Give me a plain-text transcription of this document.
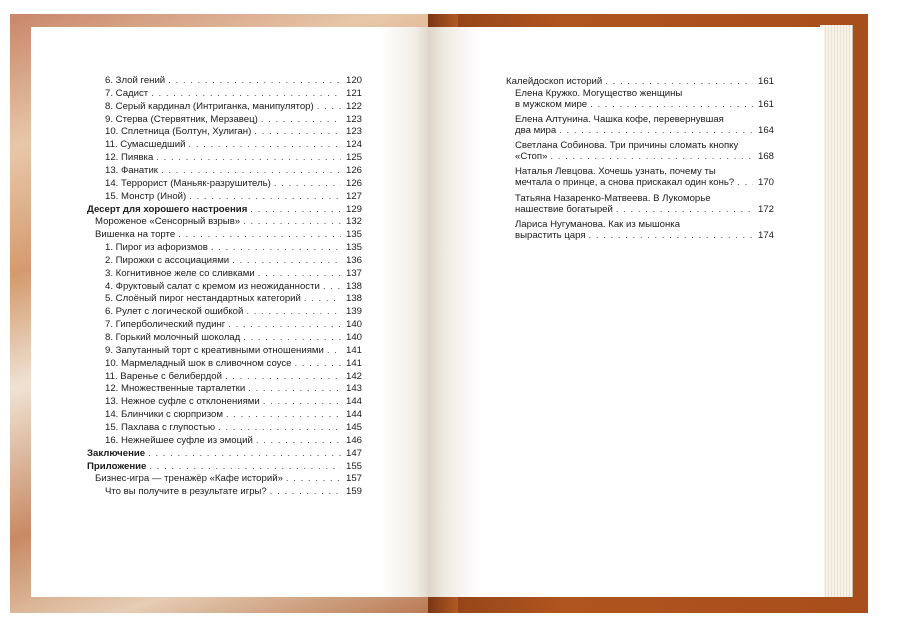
6. Злой гений . . .	120
7. Садист . . .	121
8. Серый кардинал (Интриганка, манипулятор) . . .	122
9. Стерва (Стервятник, Мерзавец) . . .	123
10. Сплетница (Болтун, Хулиган) . . .	123
11. Сумасшедший . . .	124
12. Пиявка . . .	125
13. Фанатик . . .	126
14. Террорист (Маньяк-разрушитель) . . .	126
15. Монстр (Иной) . . .	127
Десерт для хорошего настроения . . .	129
Мороженое «Сенсорный взрыв» . . .	132
Вишенка на торте . . .	135
1. Пирог из афоризмов . . .	135
2. Пирожки с ассоциациями . . .	136
3. Когнитивное желе со сливками . . .	137
4. Фруктовый салат с кремом из неожиданности . . .	138
5. Слоёный пирог нестандартных категорий . . .	138
6. Рулет с логической ошибкой . . .	139
7. Гиперболический пудинг . . .	140
8. Горький молочный шоколад . . .	140
9. Запутанный торт с креативными отношениями . . . 141
10. Мармеладный шок в сливочном соусе . . .	141
11. Варенье с белибердой . . .	142
12. Множественные тарталетки . . .	143
13. Нежное суфле с отклонениями . . .	144
14. Блинчики с сюрпризом . . .	144
15. Пахлава с глупостью . . .	145
16. Нежнейшее суфле из эмоций . . .	146
Заключение . . .	147
Приложение . . .	155
Бизнес-игра — тренажёр «Кафе историй» . . .	157
Что вы получите в результате игры? . . .	159
Калейдоскоп историй . . .	161
Елена Кружко. Могущество женщины
в мужском мире . . .	161
Елена Алтунина. Чашка кофе, перевернувшая
два мира . . .	164
Светлана Собинова. Три причины сломать кнопку
«Стоп» . . .	168
Наталья Левцова. Хочешь узнать, почему ты
мечтала о принце, а снова прискакал один конь? . . . 170
Татьяна Назаренко-Матвеева. В Лукоморье
нашествие богатырей . . .	172
Лариса Нугуманова. Как из мышонка
вырастить царя . . .	174
